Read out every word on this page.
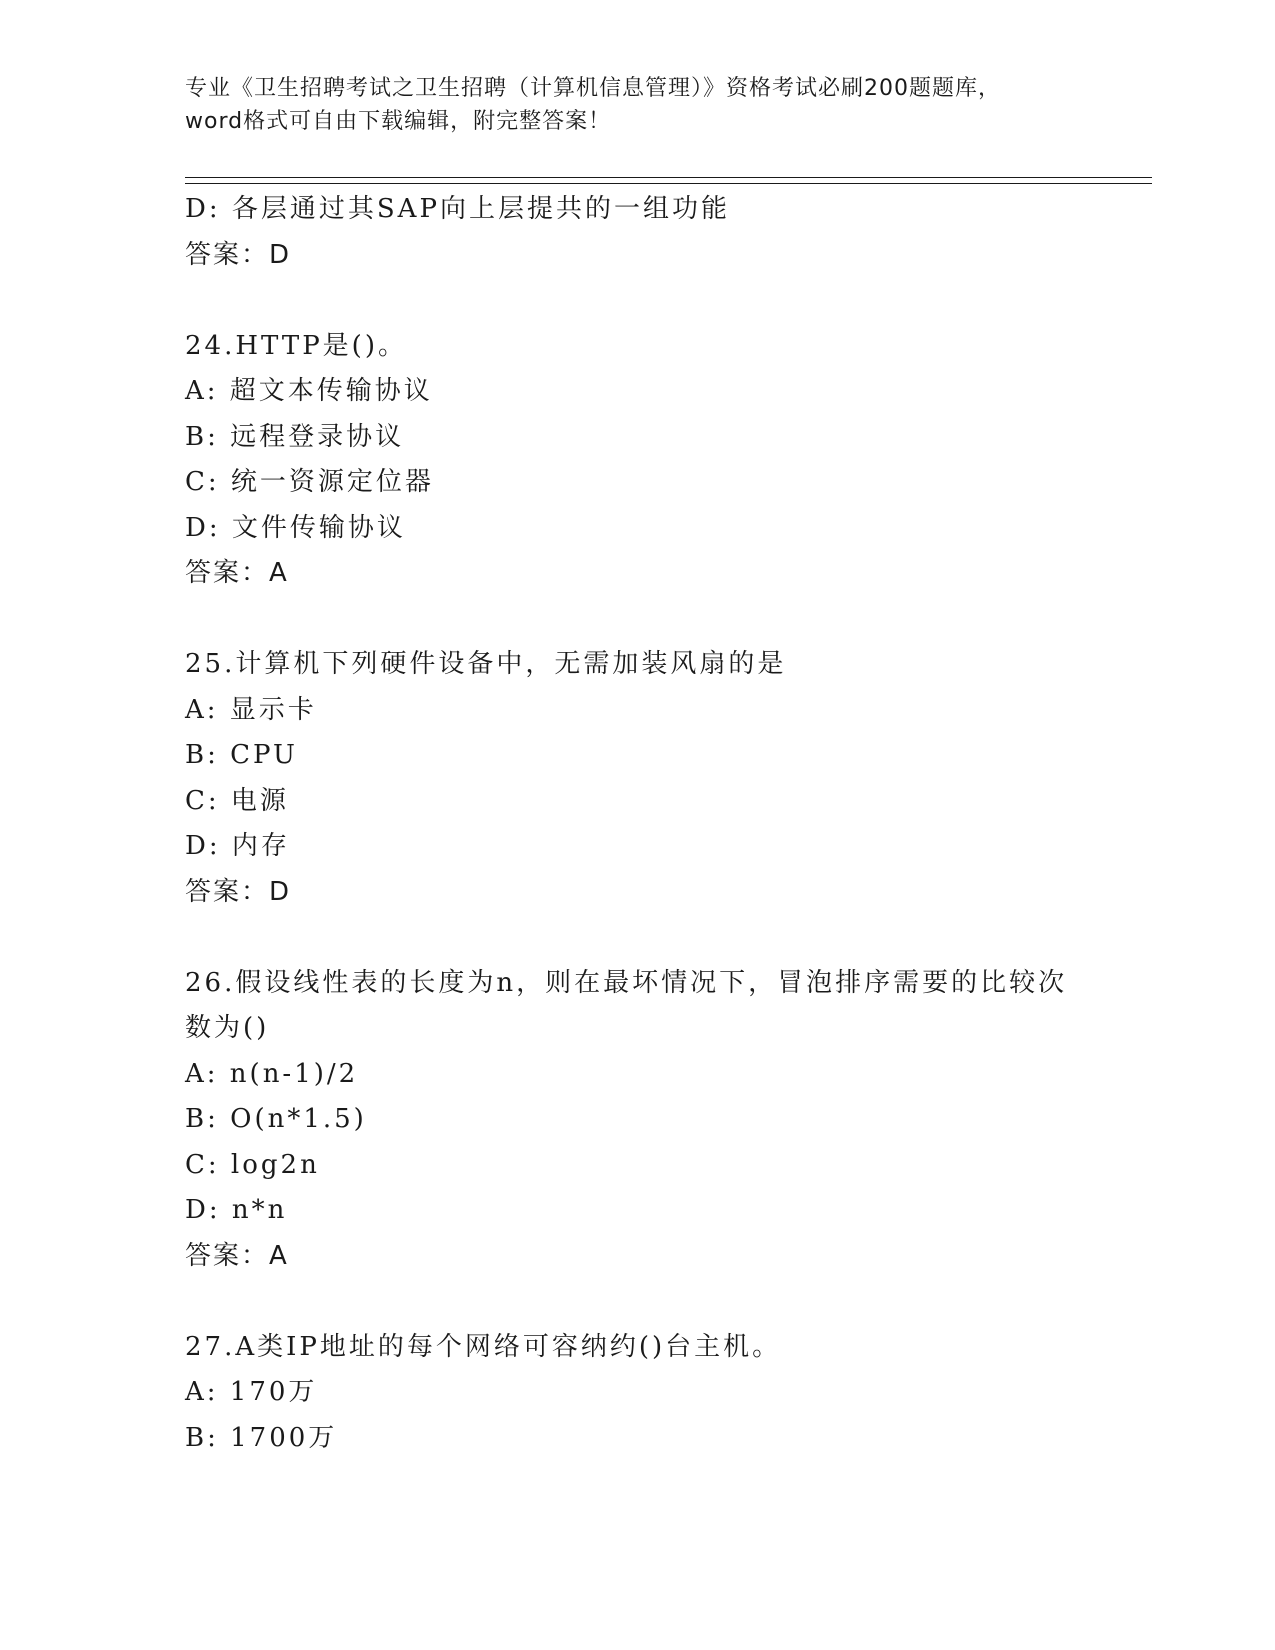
专业《卫生招聘考试之卫生招聘（计算机信息管理）》资格考试必刷200题题库，
word格式可自由下载编辑，附完整答案！
D: 各层通过其SAP向上层提共的一组功能
答案：D
24.HTTP是()。
A: 超文本传输协议
B: 远程登录协议
C: 统一资源定位器
D: 文件传输协议
答案：A
25.计算机下列硬件设备中，无需加装风扇的是
A: 显示卡
B: CPU
C: 电源
D: 内存
答案：D
26.假设线性表的长度为n，则在最坏情况下，冒泡排序需要的比较次
数为()
A: n(n-1)/2
B: O(n*1.5)
C: log2n
D: n*n
答案：A
27.A类IP地址的每个网络可容纳约()台主机。
A: 170万
B: 1700万
